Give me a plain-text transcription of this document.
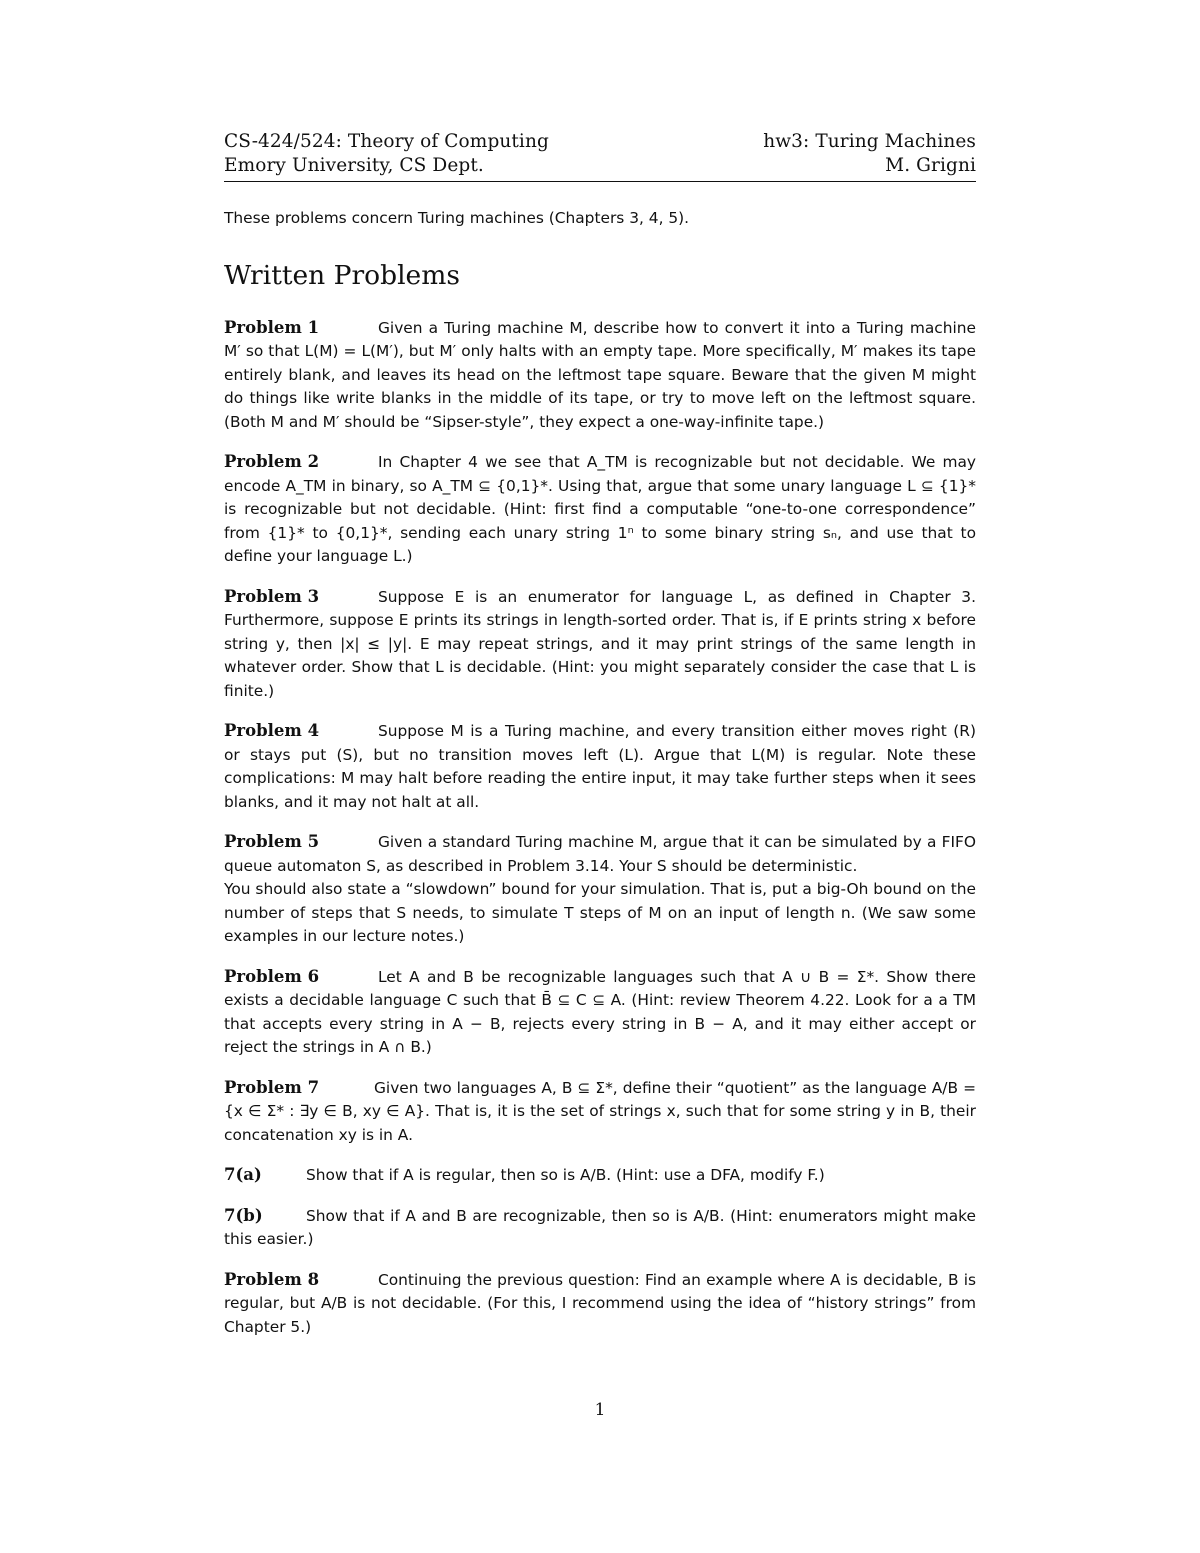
CS-424/524: Theory of Computing	hw3: Turing Machines
Emory University, CS Dept.	M. Grigni
These problems concern Turing machines (Chapters 3, 4, 5).
Written Problems

Problem 1	Given a Turing machine M, describe how to convert it into a Turing machine M′ so that L(M) = L(M′), but M′ only halts with an empty tape. More specifically, M′ makes its tape entirely blank, and leaves its head on the leftmost tape square. Beware that the given M might do things like write blanks in the middle of its tape, or try to move left on the leftmost square. (Both M and M′ should be “Sipser-style”, they expect a one-way-infinite tape.)

Problem 2	In Chapter 4 we see that A_TM is recognizable but not decidable. We may encode A_TM in binary, so A_TM ⊆ {0,1}*. Using that, argue that some unary language L ⊆ {1}* is recognizable but not decidable. (Hint: first find a computable “one-to-one correspondence” from {1}* to {0,1}*, sending each unary string 1ⁿ to some binary string sₙ, and use that to define your language L.)

Problem 3	Suppose E is an enumerator for language L, as defined in Chapter 3. Furthermore, suppose E prints its strings in length-sorted order. That is, if E prints string x before string y, then |x| ≤ |y|. E may repeat strings, and it may print strings of the same length in whatever order. Show that L is decidable. (Hint: you might separately consider the case that L is finite.)

Problem 4	Suppose M is a Turing machine, and every transition either moves right (R) or stays put (S), but no transition moves left (L). Argue that L(M) is regular. Note these complications: M may halt before reading the entire input, it may take further steps when it sees blanks, and it may not halt at all.

Problem 5	Given a standard Turing machine M, argue that it can be simulated by a FIFO queue automaton S, as described in Problem 3.14. Your S should be deterministic.

You should also state a “slowdown” bound for your simulation. That is, put a big-Oh bound on the number of steps that S needs, to simulate T steps of M on an input of length n. (We saw some examples in our lecture notes.)

Problem 6	Let A and B be recognizable languages such that A ∪ B = Σ*. Show there exists a decidable language C such that B̄ ⊆ C ⊆ A. (Hint: review Theorem 4.22. Look for a a TM that accepts every string in A − B, rejects every string in B − A, and it may either accept or reject the strings in A ∩ B.)

Problem 7	Given two languages A, B ⊆ Σ*, define their “quotient” as the language A/B = {x ∈ Σ* : ∃y ∈ B, xy ∈ A}. That is, it is the set of strings x, such that for some string y in B, their concatenation xy is in A.

7(a)	Show that if A is regular, then so is A/B. (Hint: use a DFA, modify F.)

7(b)	Show that if A and B are recognizable, then so is A/B. (Hint: enumerators might make this easier.)

Problem 8	Continuing the previous question: Find an example where A is decidable, B is regular, but A/B is not decidable. (For this, I recommend using the idea of “history strings” from Chapter 5.)

1
